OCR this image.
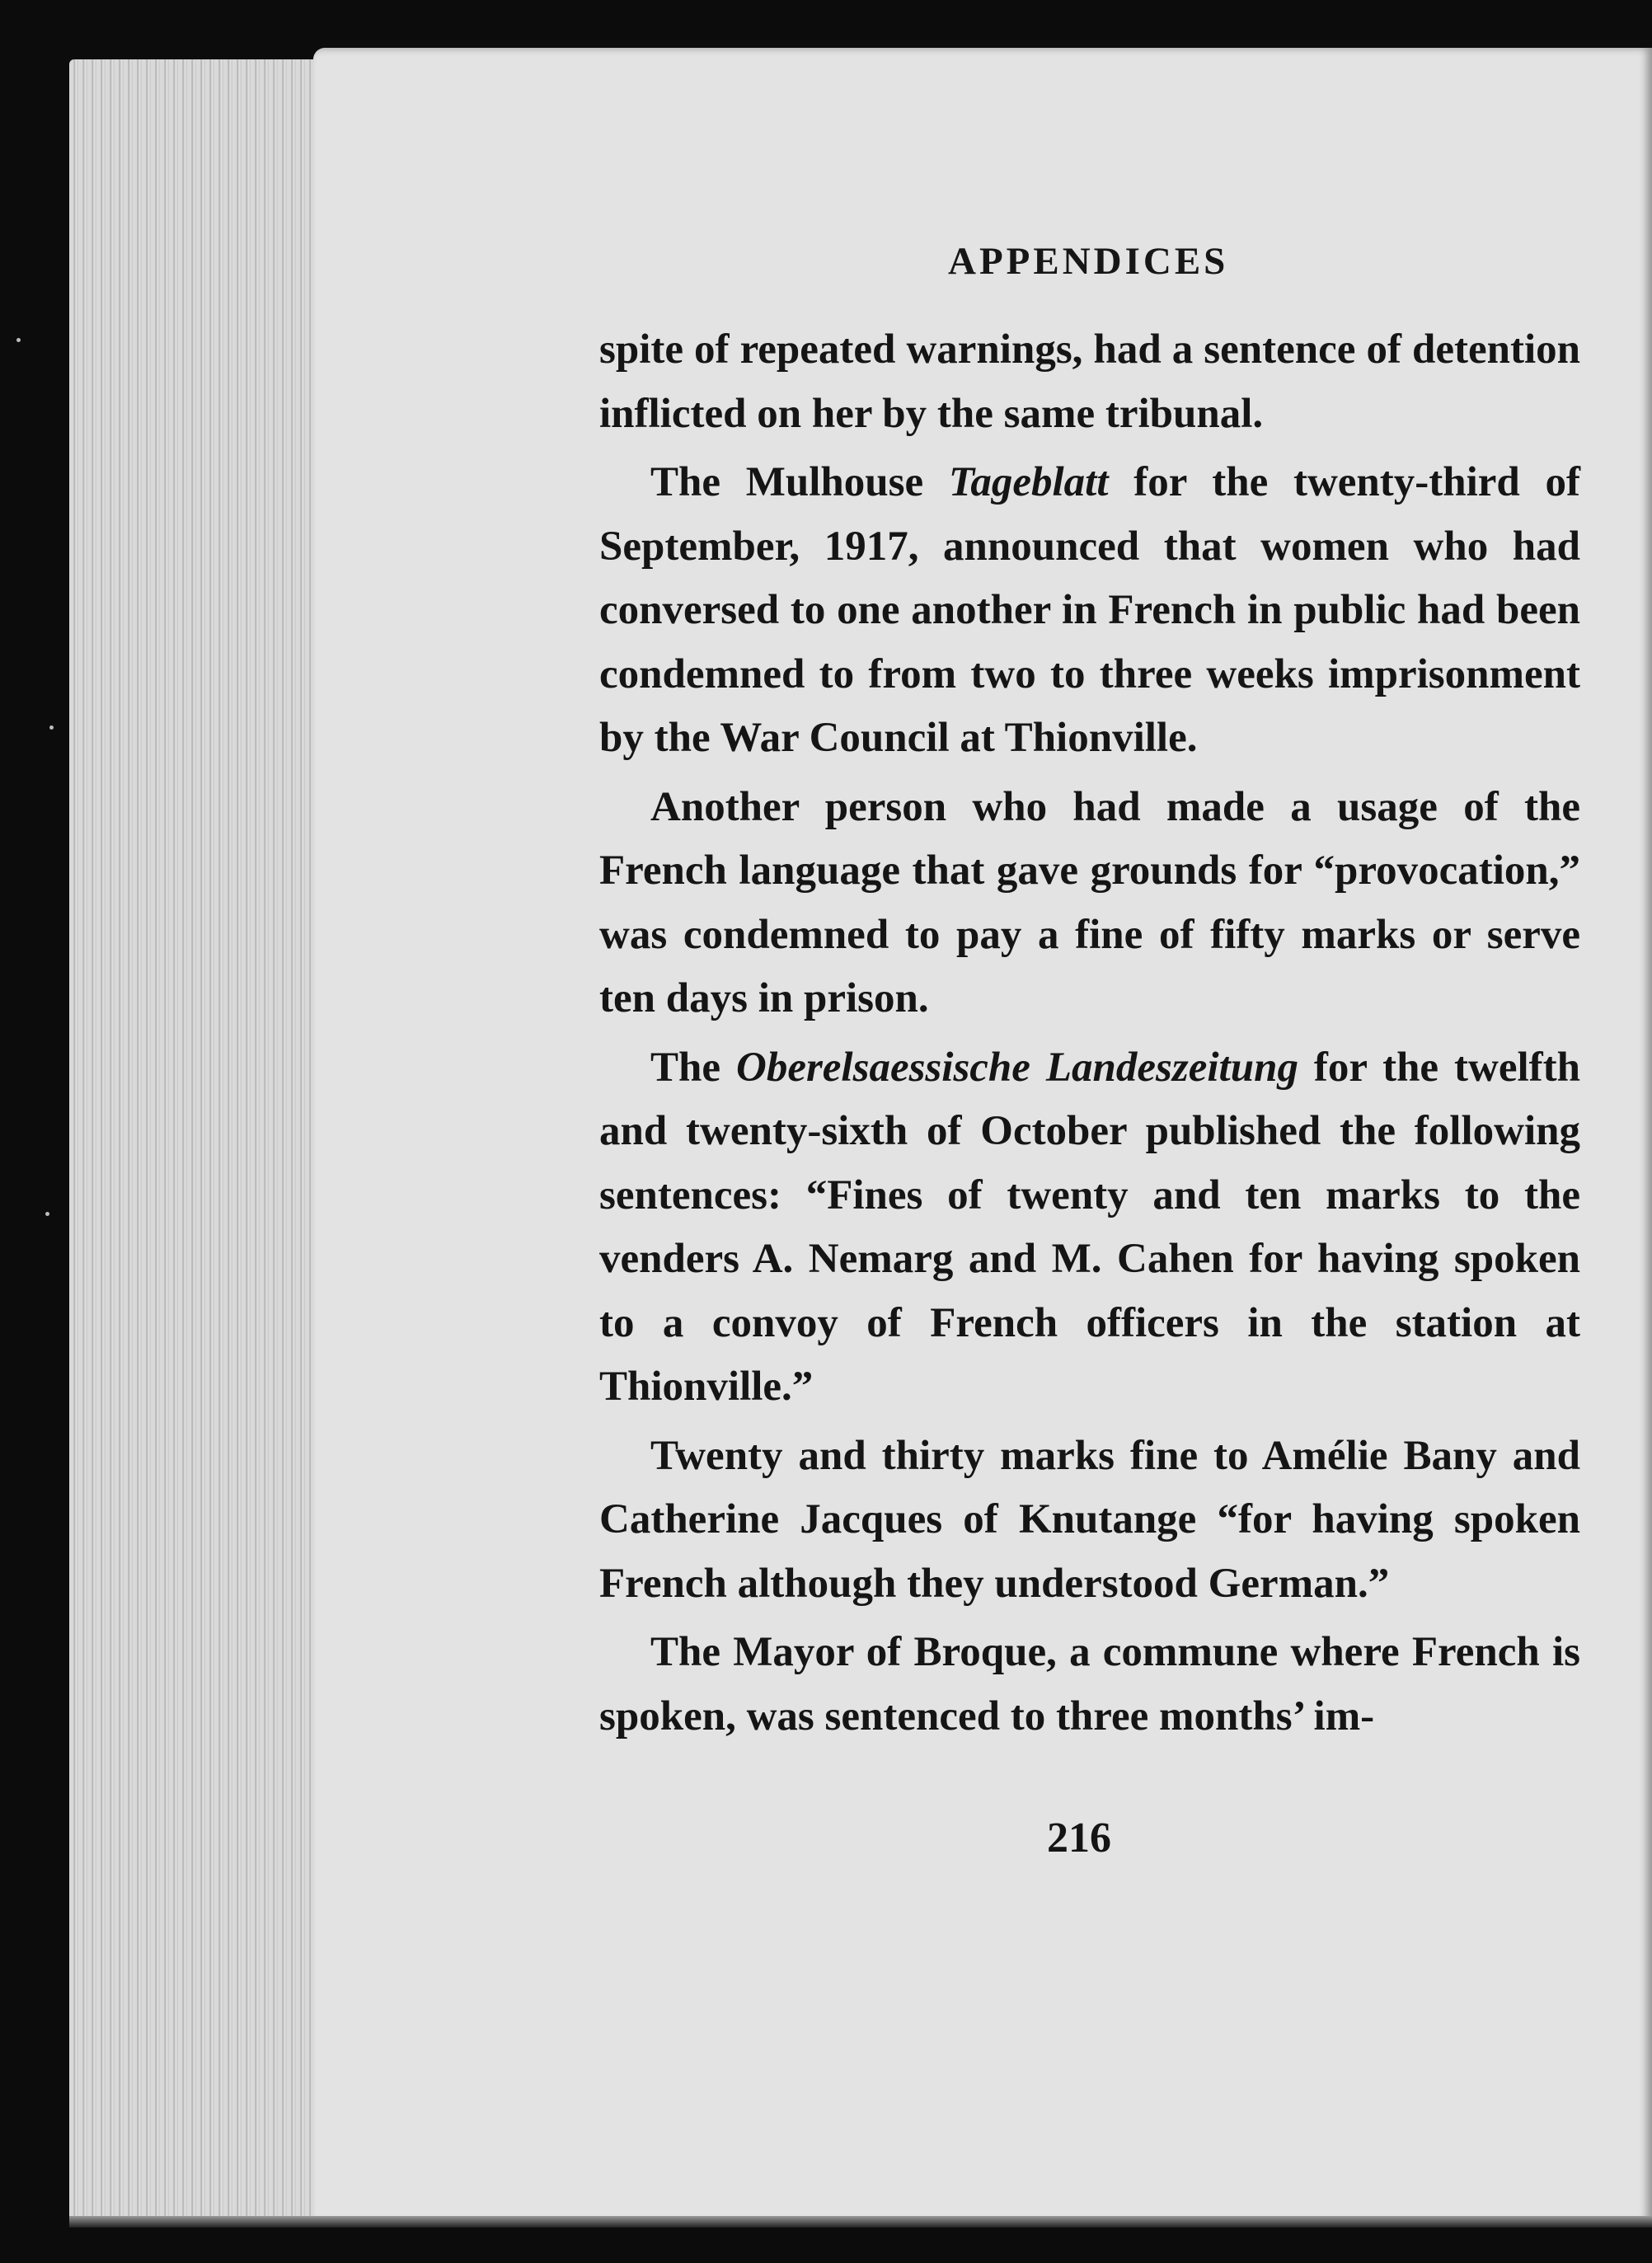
APPENDICES

spite of repeated warnings, had a sentence of detention inflicted on her by the same tribunal.

The Mulhouse Tageblatt for the twenty-third of September, 1917, announced that women who had conversed to one another in French in public had been condemned to from two to three weeks imprisonment by the War Council at Thionville.

Another person who had made a usage of the French language that gave grounds for “provocation,” was condemned to pay a fine of fifty marks or serve ten days in prison.

The Oberelsaessische Landeszeitung for the twelfth and twenty-sixth of October published the following sentences: “Fines of twenty and ten marks to the venders A. Nemarg and M. Cahen for having spoken to a convoy of French officers in the station at Thionville.”

Twenty and thirty marks fine to Amélie Bany and Catherine Jacques of Knutange “for having spoken French although they understood German.”

The Mayor of Broque, a commune where French is spoken, was sentenced to three months’ im-

216
